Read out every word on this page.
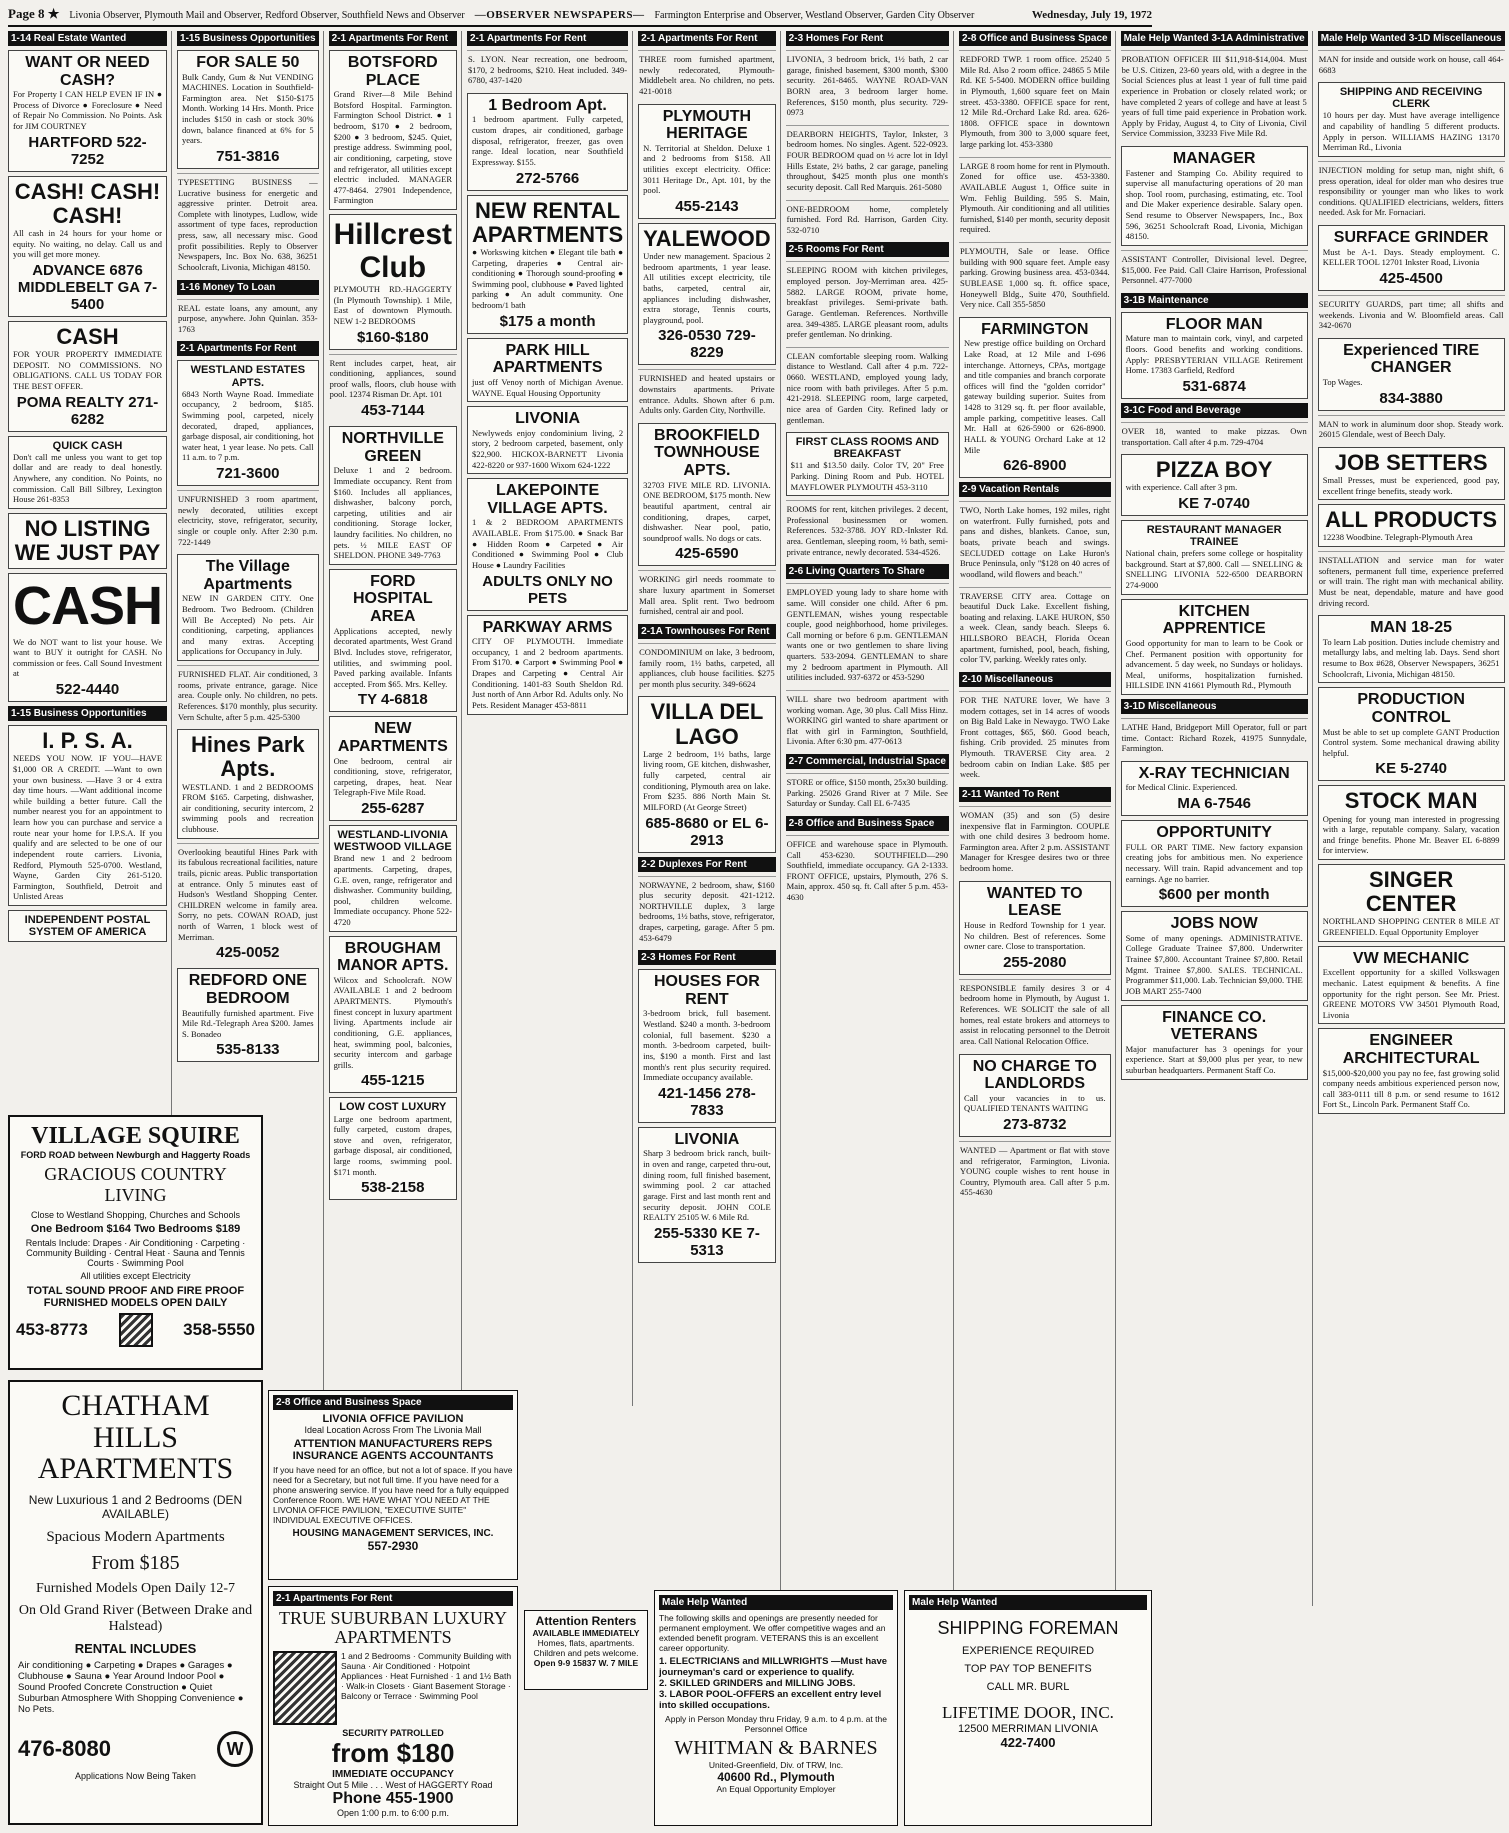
Page 8 ★ Livonia Observer, Plymouth Mail and Observer, Redford Observer, Southfield News and Observer —OBSERVER NEWSPAPERS— Farmington Enterprise and Observer, Westland Observer, Garden City Observer	Wednesday, July 19, 1972
1-14 Real Estate Wanted
WANT OR NEED CASH?
For Property I CAN HELP EVEN IF IN ● Process of Divorce ● Foreclosure ● Need of Repair No Commission. No Points. Ask for JIM COURTNEY
HARTFORD 522-7252
CASH! CASH! CASH!
All cash in 24 hours for your home or equity. No waiting, no delay. Call us and you will get more money.
ADVANCE 6876 MIDDLEBELT GA 7-5400
CASH
FOR YOUR PROPERTY IMMEDIATE DEPOSIT. NO COMMISSIONS. NO OBLIGATIONS. CALL US TODAY FOR THE BEST OFFER.
POMA REALTY 271-6282
QUICK CASH
Don't call me unless you want to get top dollar and are ready to deal honestly. Anywhere, any condition. No Points, no commission. Call Bill Silbrey, Lexington House 261-8353
NO LISTING WE JUST PAY
CASH
We do NOT want to list your house. We want to BUY it outright for CASH. No commission or fees. Call Sound Investment at
522-4440
1-15 Business Opportunities
I. P. S. A.
NEEDS YOU NOW. IF YOU—HAVE $1,000 OR A CREDIT. —Want to own your own business. —Have 3 or 4 extra day time hours. —Want additional income while building a better future. Call the number nearest you for an appointment to learn how you can purchase and service a route near your home for I.P.S.A. If you qualify and are selected to be one of our independent route carriers. Livonia, Redford, Plymouth 525-0700. Westland, Wayne, Garden City 261-5120. Farmington, Southfield, Detroit and Unlisted Areas
INDEPENDENT POSTAL SYSTEM OF AMERICA
1-15 Business Opportunities
FOR SALE 50
Bulk Candy, Gum & Nut VENDING MACHINES. Location in Southfield-Farmington area. Net $150-$175 Month. Working 14 Hrs. Month. Price includes $150 in cash or stock 30% down, balance financed at 6% for 5 years.
751-3816
TYPESETTING BUSINESS — Lucrative business for energetic and aggressive printer. Detroit area. Complete with linotypes, Ludlow, wide assortment of type faces, reproduction press, saw, all necessary misc. Good profit possibilities. Reply to Observer Newspapers, Inc. Box No. 638, 36251 Schoolcraft, Livonia, Michigan 48150.
1-16 Money To Loan
REAL estate loans, any amount, any purpose, anywhere. John Quinlan. 353-1763
2-1 Apartments For Rent
WESTLAND ESTATES APTS.
6843 North Wayne Road. Immediate occupancy, 2 bedroom, $185. Swimming pool, carpeted, nicely decorated, draped, appliances, garbage disposal, air conditioning, hot water heat, 1 year lease. No pets. Call 11 a.m. to 7 p.m.
721-3600
UNFURNISHED 3 room apartment, newly decorated, utilities except electricity, stove, refrigerator, security, single or couple only. After 2:30 p.m. 722-1449
The Village Apartments
NEW IN GARDEN CITY. One Bedroom. Two Bedroom. (Children Will Be Accepted) No pets. Air conditioning, carpeting, appliances and many extras. Accepting applications for Occupancy in July.
FURNISHED FLAT. Air conditioned, 3 rooms, private entrance, garage. Nice area. Couple only. No children, no pets. References. $170 monthly, plus security. Vern Schulte, after 5 p.m. 425-5300
Hines Park Apts.
WESTLAND. 1 and 2 BEDROOMS FROM $165. Carpeting, dishwasher, air conditioning, security intercom, 2 swimming pools and recreation clubhouse.
Overlooking beautiful Hines Park with its fabulous recreational facilities, nature trails, picnic areas. Public transportation at entrance. Only 5 minutes east of Hudson's Westland Shopping Center. CHILDREN welcome in family area. Sorry, no pets. COWAN ROAD, just north of Warren, 1 block west of Merriman.
425-0052
REDFORD ONE BEDROOM
Beautifully furnished apartment. Five Mile Rd.-Telegraph Area $200. James S. Bonadeo
535-8133
2-1 Apartments For Rent
BOTSFORD PLACE
Grand River—8 Mile Behind Botsford Hospital. Farmington. Farmington School District. ● 1 bedroom, $170 ● 2 bedroom, $200 ● 3 bedroom, $245. Quiet, prestige address. Swimming pool, air conditioning, carpeting, stove and refrigerator, all utilities except electric included. MANAGER 477-8464. 27901 Independence, Farmington
Hillcrest Club
PLYMOUTH RD.-HAGGERTY (In Plymouth Township). 1 Mile, East of downtown Plymouth. NEW 1-2 BEDROOMS
$160-$180
Rent includes carpet, heat, air conditioning, appliances, sound proof walls, floors, club house with pool. 12374 Risman Dr. Apt. 101
453-7144
NORTHVILLE GREEN
Deluxe 1 and 2 bedroom. Immediate occupancy. Rent from $160. Includes all appliances, dishwasher, balcony porch, carpeting, utilities and air conditioning. Storage locker, laundry facilities. No children, no pets. ½ MILE EAST OF SHELDON. PHONE 349-7763
FORD HOSPITAL AREA
Applications accepted, newly decorated apartments, West Grand Blvd. Includes stove, refrigerator, utilities, and swimming pool. Paved parking available. Infants accepted. From $65. Mrs. Kelley.
TY 4-6818
NEW APARTMENTS
One bedroom, central air conditioning, stove, refrigerator, carpeting, drapes, heat. Near Telegraph-Five Mile Road.
255-6287
WESTLAND-LIVONIA WESTWOOD VILLAGE
Brand new 1 and 2 bedroom apartments. Carpeting, drapes, G.E. oven, range, refrigerator and dishwasher. Community building, pool, children welcome. Immediate occupancy. Phone 522-4720
BROUGHAM MANOR APTS.
Wilcox and Schoolcraft. NOW AVAILABLE 1 and 2 bedroom APARTMENTS. Plymouth's finest concept in luxury apartment living. Apartments include air conditioning, G.E. appliances, heat, swimming pool, balconies, security intercom and garbage grills.
455-1215
LOW COST LUXURY
Large one bedroom apartment, fully carpeted, custom drapes, stove and oven, refrigerator, garbage disposal, air conditioned, large rooms, swimming pool. $171 month.
538-2158
2-1 Apartments For Rent
S. LYON. Near recreation, one bedroom, $170, 2 bedrooms, $210. Heat included. 349-6780, 437-1420
1 Bedroom Apt.
1 bedroom apartment. Fully carpeted, custom drapes, air conditioned, garbage disposal, refrigerator, freezer, gas oven range. Ideal location, near Southfield Expressway. $155.
272-5766
NEW RENTAL APARTMENTS
● Workswing kitchen ● Elegant tile bath ● Carpeting, draperies ● Central air-conditioning ● Thorough sound-proofing ● Swimming pool, clubhouse ● Paved lighted parking ● An adult community. One bedroom/1 bath
$175 a month
PARK HILL APARTMENTS
just off Venoy north of Michigan Avenue. WAYNE. Equal Housing Opportunity
LIVONIA
Newlyweds enjoy condominium living, 2 story, 2 bedroom carpeted, basement, only $22,900. HICKOX-BARNETT Livonia 422-8220 or 937-1600 Wixom 624-1222
LAKEPOINTE VILLAGE APTS.
1 & 2 BEDROOM APARTMENTS AVAILABLE. From $175.00. ● Snack Bar ● Hidden Room ● Carpeted ● Air Conditioned ● Swimming Pool ● Club House ● Laundry Facilities
ADULTS ONLY NO PETS
PARKWAY ARMS
CITY OF PLYMOUTH. Immediate occupancy, 1 and 2 bedroom apartments. From $170. ● Carport ● Swimming Pool ● Drapes and Carpeting ● Central Air Conditioning. 1401-83 South Sheldon Rd. Just north of Ann Arbor Rd. Adults only. No Pets. Resident Manager 453-8811
2-1 Apartments For Rent
THREE room furnished apartment, newly redecorated, Plymouth-Middlebelt area. No children, no pets. 421-0018
PLYMOUTH HERITAGE
N. Territorial at Sheldon. Deluxe 1 and 2 bedrooms from $158. All utilities except electricity. Office: 3011 Heritage Dr., Apt. 101, by the pool.
455-2143
YALEWOOD
Under new management. Spacious 2 bedroom apartments, 1 year lease. All utilities except electricity, tile baths, carpeted, central air, appliances including dishwasher, extra storage, Tennis courts, playground, pool.
326-0530 729-8229
FURNISHED and heated upstairs or downstairs apartments. Private entrance. Adults. Shown after 6 p.m. Adults only. Garden City, Northville.
BROOKFIELD TOWNHOUSE APTS.
32703 FIVE MILE RD. LIVONIA. ONE BEDROOM, $175 month. New beautiful apartment, central air conditioning, drapes, carpet, dishwasher. Near pool, patio, soundproof walls. No dogs or cats.
425-6590
WORKING girl needs roommate to share luxury apartment in Somerset Mall area. Split rent. Two bedroom furnished, central air and pool.
2-1A Townhouses For Rent
CONDOMINIUM on lake, 3 bedroom, family room, 1½ baths, carpeted, all appliances, club house facilities. $275 per month plus security. 349-6624
VILLA DEL LAGO
Large 2 bedroom, 1½ baths, large living room, GE kitchen, dishwasher, fully carpeted, central air conditioning, Plymouth area on lake. From $235. 886 North Main St. MILFORD (At George Street)
685-8680 or EL 6-2913
2-2 Duplexes For Rent
NORWAYNE, 2 bedroom, shaw, $160 plus security deposit. 421-1212. NORTHVILLE duplex, 3 large bedrooms, 1½ baths, stove, refrigerator, drapes, carpeting, garage. After 5 pm. 453-6479
2-3 Homes For Rent
HOUSES FOR RENT
3-bedroom brick, full basement. Westland. $240 a month. 3-bedroom colonial, full basement. $230 a month. 3-bedroom carpeted, built-ins, $190 a month. First and last month's rent plus security required. Immediate occupancy available.
421-1456 278-7833
LIVONIA
Sharp 3 bedroom brick ranch, built-in oven and range, carpeted thru-out, dining room, full finished basement, swimming pool. 2 car attached garage. First and last month rent and security deposit. JOHN COLE REALTY 25105 W. 6 Mile Rd.
255-5330 KE 7-5313
2-3 Homes For Rent
LIVONIA, 3 bedroom brick, 1½ bath, 2 car garage, finished basement, $300 month, $300 security. 261-8465. WAYNE ROAD-VAN BORN area, 3 bedroom larger home. References, $150 month, plus security. 729-0973
DEARBORN HEIGHTS, Taylor, Inkster, 3 bedroom homes. No singles. Agent. 522-0923. FOUR BEDROOM quad on ½ acre lot in Idyl Hills Estate, 2½ baths, 2 car garage, paneling throughout, $425 month plus one month's security deposit. Call Red Marquis. 261-5080
ONE-BEDROOM home, completely furnished. Ford Rd. Harrison, Garden City. 532-0710
2-5 Rooms For Rent
SLEEPING ROOM with kitchen privileges, employed person. Joy-Merriman area. 425-5882. LARGE ROOM, private home, breakfast privileges. Semi-private bath. Garage. Gentleman. References. Northville area. 349-4385. LARGE pleasant room, adults prefer gentleman. No drinking.
CLEAN comfortable sleeping room. Walking distance to Westland. Call after 4 p.m. 722-0660. WESTLAND, employed young lady, nice room with bath privileges. After 5 p.m. 421-2918. SLEEPING room, large carpeted, nice area of Garden City. Refined lady or gentleman.
FIRST CLASS ROOMS AND BREAKFAST
$11 and $13.50 daily. Color TV, 20" Free Parking. Dining Room and Pub. HOTEL MAYFLOWER PLYMOUTH 453-3110
ROOMS for rent, kitchen privileges. 2 decent, Professional businessmen or women. References. 532-3788. JOY RD.-Inkster Rd. area. Gentleman, sleeping room, ½ bath, semi-private entrance, newly decorated. 534-4526.
2-6 Living Quarters To Share
EMPLOYED young lady to share home with same. Will consider one child. After 6 pm. GENTLEMAN, wishes young respectable couple, good neighborhood, home privileges. Call morning or before 6 p.m. GENTLEMAN wants one or two gentlemen to share living quarters. 533-2094. GENTLEMAN to share my 2 bedroom apartment in Plymouth. All utilities included. 937-6372 or 453-5290
WILL share two bedroom apartment with working woman. Age, 30 plus. Call Miss Hinz. WORKING girl wanted to share apartment or flat with girl in Farmington, Southfield, Livonia. After 6:30 pm. 477-0613
2-7 Commercial, Industrial Space
STORE or office, $150 month, 25x30 building. Parking. 25026 Grand River at 7 Mile. See Saturday or Sunday. Call EL 6-7435
2-8 Office and Business Space
OFFICE and warehouse space in Plymouth. Call 453-6230. SOUTHFIELD—290 Southfield, immediate occupancy. GA 2-1333. FRONT OFFICE, upstairs, Plymouth, 276 S. Main, approx. 450 sq. ft. Call after 5 p.m. 453-4630
2-8 Office and Business Space
REDFORD TWP. 1 room office. 25240 5 Mile Rd. Also 2 room office. 24865 5 Mile Rd. KE 5-5400. MODERN office building in Plymouth, 1,600 square feet on Main street. 453-3380. OFFICE space for rent, 12 Mile Rd.-Orchard Lake Rd. area. 626-1808. OFFICE space in downtown Plymouth, from 300 to 3,000 square feet, large parking lot. 453-3380
LARGE 8 room home for rent in Plymouth. Zoned for office use. 453-3380. AVAILABLE August 1, Office suite in Wm. Fehlig Building. 595 S. Main, Plymouth. Air conditioning and all utilities furnished, $140 per month, security deposit required.
PLYMOUTH, Sale or lease. Office building with 900 square feet. Ample easy parking. Growing business area. 453-0344. SUBLEASE 1,000 sq. ft. office space, Honeywell Bldg., Suite 470, Southfield. Very nice. Call 355-5850
FARMINGTON
New prestige office building on Orchard Lake Road, at 12 Mile and I-696 interchange. Attorneys, CPAs, mortgage and title companies and branch corporate offices will find the "golden corridor" gateway building superior. Suites from 1428 to 3129 sq. ft. per floor available, ample parking, competitive leases. Call Mr. Hall at 626-5900 or 626-8900. HALL & YOUNG Orchard Lake at 12 Mile
626-8900
2-9 Vacation Rentals
TWO, North Lake homes, 192 miles, right on waterfront. Fully furnished, pots and pans and dishes, blankets. Canoe, sun, boats, private beach and swings. SECLUDED cottage on Lake Huron's Bruce Peninsula, only "$128 on 40 acres of woodland, wild flowers and beach."
TRAVERSE CITY area. Cottage on beautiful Duck Lake. Excellent fishing, boating and relaxing. LAKE HURON, $50 a week. Clean, sandy beach. Sleeps 6. HILLSBORO BEACH, Florida Ocean apartment, furnished, pool, beach, fishing, color TV, parking. Weekly rates only.
2-10 Miscellaneous
FOR THE NATURE lover, We have 3 modern cottages, set in 14 acres of woods on Big Bald Lake in Newaygo. TWO Lake Front cottages, $65, $60. Good beach, fishing. Crib provided. 25 minutes from Plymouth. TRAVERSE City area. 2 bedroom cabin on Indian Lake. $85 per week.
2-11 Wanted To Rent
WOMAN (35) and son (5) desire inexpensive flat in Farmington. COUPLE with one child desires 3 bedroom home. Farmington area. After 2 p.m. ASSISTANT Manager for Kresgee desires two or three bedroom home.
WANTED TO LEASE
House in Redford Township for 1 year. No children. Best of references. Some owner care. Close to transportation.
255-2080
RESPONSIBLE family desires 3 or 4 bedroom home in Plymouth, by August 1. References. WE SOLICIT the sale of all homes, real estate brokers and attorneys to assist in relocating personnel to the Detroit area. Call National Relocation Office.
NO CHARGE TO LANDLORDS
Call your vacancies in to us. QUALIFIED TENANTS WAITING
273-8732
WANTED — Apartment or flat with stove and refrigerator, Farmington, Livonia. YOUNG couple wishes to rent house in Country, Plymouth area. Call after 5 p.m. 455-4630
Male Help Wanted 3-1A Administrative
PROBATION OFFICER III $11,918-$14,004. Must be U.S. Citizen, 23-60 years old, with a degree in the Social Sciences plus at least 1 year of full time paid experience in Probation or closely related work; or have completed 2 years of college and have at least 5 years of full time paid experience in Probation work. Apply by Friday, August 4, to City of Livonia, Civil Service Commission, 33233 Five Mile Rd.
MANAGER
Fastener and Stamping Co. Ability required to supervise all manufacturing operations of 20 man shop. Tool room, purchasing, estimating, etc. Tool and Die Maker experience desirable. Salary open. Send resume to Observer Newspapers, Inc., Box 596, 36251 Schoolcraft Road, Livonia, Michigan 48150.
ASSISTANT Controller, Divisional level. Degree, $15,000. Fee Paid. Call Claire Harrison, Professional Personnel. 477-7000
3-1B Maintenance
FLOOR MAN
Mature man to maintain cork, vinyl, and carpeted floors. Good benefits and working conditions. Apply: PRESBYTERIAN VILLAGE Retirement Home. 17383 Garfield, Redford
531-6874
3-1C Food and Beverage
OVER 18, wanted to make pizzas. Own transportation. Call after 4 p.m. 729-4704
PIZZA BOY
with experience. Call after 3 pm.
KE 7-0740
RESTAURANT MANAGER TRAINEE
National chain, prefers some college or hospitality background. Start at $7,800. Call — SNELLING & SNELLING LIVONIA 522-6500 DEARBORN 274-9000
KITCHEN APPRENTICE
Good opportunity for man to learn to be Cook or Chef. Permanent position with opportunity for advancement. 5 day week, no Sundays or holidays. Meal, uniforms, hospitalization furnished. HILLSIDE INN 41661 Plymouth Rd., Plymouth
3-1D Miscellaneous
LATHE Hand, Bridgeport Mill Operator, full or part time. Contact: Richard Rozek, 41975 Sunnydale, Farmington.
X-RAY TECHNICIAN
for Medical Clinic. Experienced.
MA 6-7546
OPPORTUNITY
FULL OR PART TIME. New factory expansion creating jobs for ambitious men. No experience necessary. Will train. Rapid advancement and top earnings. Age no barrier.
$600 per month
JOBS NOW
Some of many openings. ADMINISTRATIVE. College Graduate Trainee $7,800. Underwriter Trainee $7,800. Accountant Trainee $7,800. Retail Mgmt. Trainee $7,800. SALES. TECHNICAL. Programmer $11,000. Lab. Technician $9,000. THE JOB MART 255-7400
FINANCE CO. VETERANS
Major manufacturer has 3 openings for your experience. Start at $9,000 plus per year, to new suburban headquarters. Permanent Staff Co.
Male Help Wanted 3-1D Miscellaneous
MAN for inside and outside work on house, call 464-6683
SHIPPING AND RECEIVING CLERK
10 hours per day. Must have average intelligence and capability of handling 5 different products. Apply in person. WILLIAMS HAZING 13170 Merriman Rd., Livonia
INJECTION molding for setup man, night shift, 6 press operation, ideal for older man who desires true responsibility or younger man who likes to work conditions. QUALIFIED electricians, welders, fitters needed. Ask for Mr. Fornaciari.
SURFACE GRINDER
Must be A-1. Days. Steady employment. C. KELLER TOOL 12701 Inkster Road, Livonia
425-4500
SECURITY GUARDS, part time; all shifts and weekends. Livonia and W. Bloomfield areas. Call 342-0670
Experienced TIRE CHANGER
Top Wages.
834-3880
MAN to work in aluminum door shop. Steady work. 26015 Glendale, west of Beech Daly.
JOB SETTERS
Small Presses, must be experienced, good pay, excellent fringe benefits, steady work.
ALL PRODUCTS
12238 Woodbine. Telegraph-Plymouth Area
INSTALLATION and service man for water softeners, permanent full time, experience preferred or will train. The right man with mechanical ability. Must be neat, dependable, mature and have good driving record.
MAN 18-25
To learn Lab position. Duties include chemistry and metallurgy labs, and melting lab. Days. Send short resume to Box #628, Observer Newspapers, 36251 Schoolcraft, Livonia, Michigan 48150.
PRODUCTION CONTROL
Must be able to set up complete GANT Production Control system. Some mechanical drawing ability helpful.
KE 5-2740
STOCK MAN
Opening for young man interested in progressing with a large, reputable company. Salary, vacation and fringe benefits. Phone Mr. Beaver EL 6-8899 for interview.
SINGER CENTER
NORTHLAND SHOPPING CENTER 8 MILE AT GREENFIELD. Equal Opportunity Employer
VW MECHANIC
Excellent opportunity for a skilled Volkswagen mechanic. Latest equipment & benefits. A fine opportunity for the right person. See Mr. Priest. GREENE MOTORS VW 34501 Plymouth Road, Livonia
ENGINEER ARCHITECTURAL
$15,000-$20,000 you pay no fee, fast growing solid company needs ambitious experienced person now, call 383-0111 till 8 p.m. or send resume to 1612 Fort St., Lincoln Park. Permanent Staff Co.
VILLAGE SQUIRE
FORD ROAD between Newburgh and Haggerty Roads
GRACIOUS COUNTRY LIVING
Close to Westland Shopping, Churches and Schools
One Bedroom $164 Two Bedrooms $189
Rentals Include: Drapes · Air Conditioning · Carpeting · Community Building · Central Heat · Sauna and Tennis Courts · Swimming Pool
All utilities except Electricity
TOTAL SOUND PROOF AND FIRE PROOF FURNISHED MODELS OPEN DAILY
453-8773	358-5550
CHATHAM HILLS APARTMENTS
New Luxurious 1 and 2 Bedrooms (DEN AVAILABLE)
Spacious Modern Apartments
From $185
Furnished Models Open Daily 12-7
On Old Grand River (Between Drake and Halstead)
RENTAL INCLUDES
Air conditioning ● Carpeting ● Drapes ● Garages ● Clubhouse ● Sauna ● Year Around Indoor Pool ● Sound Proofed Concrete Construction ● Quiet Suburban Atmosphere With Shopping Convenience ● No Pets.
476-8080	W
Applications Now Being Taken
2-8 Office and Business Space
LIVONIA OFFICE PAVILION
Ideal Location Across From The Livonia Mall
ATTENTION MANUFACTURERS REPS INSURANCE AGENTS ACCOUNTANTS
If you have need for an office, but not a lot of space. If you have need for a Secretary, but not full time. If you have need for a phone answering service. If you have need for a fully equipped Conference Room. WE HAVE WHAT YOU NEED AT THE LIVONIA OFFICE PAVILION, "EXECUTIVE SUITE" INDIVIDUAL EXECUTIVE OFFICES.
HOUSING MANAGEMENT SERVICES, INC.
557-2930
2-1 Apartments For Rent
TRUE SUBURBAN LUXURY APARTMENTS
1 and 2 Bedrooms · Community Building with Sauna · Air Conditioned · Hotpoint Appliances · Heat Furnished · 1 and 1½ Bath · Walk-in Closets · Giant Basement Storage · Balcony or Terrace · Swimming Pool
SECURITY PATROLLED
from $180
IMMEDIATE OCCUPANCY
Straight Out 5 Mile . . . West of HAGGERTY Road
Phone 455-1900
Open 1:00 p.m. to 6:00 p.m.
Attention Renters
AVAILABLE IMMEDIATELY
Homes, flats, apartments. Children and pets welcome.
Open 9-9 15837 W. 7 MILE
Male Help Wanted
The following skills and openings are presently needed for permanent employment. We offer competitive wages and an extended benefit program. VETERANS this is an excellent career opportunity.
1. ELECTRICIANS and MILLWRIGHTS —Must have journeyman's card or experience to qualify.
2. SKILLED GRINDERS and MILLING JOBS.
3. LABOR POOL-OFFERS an excellent entry level into skilled occupations.
Apply in Person Monday thru Friday, 9 a.m. to 4 p.m. at the Personnel Office
WHITMAN & BARNES
United-Greenfield, Div. of TRW, Inc.
40600 Rd., Plymouth
An Equal Opportunity Employer
Male Help Wanted
SHIPPING FOREMAN
EXPERIENCE REQUIRED
TOP PAY TOP BENEFITS
CALL MR. BURL
LIFETIME DOOR, INC.
12500 MERRIMAN LIVONIA
422-7400
